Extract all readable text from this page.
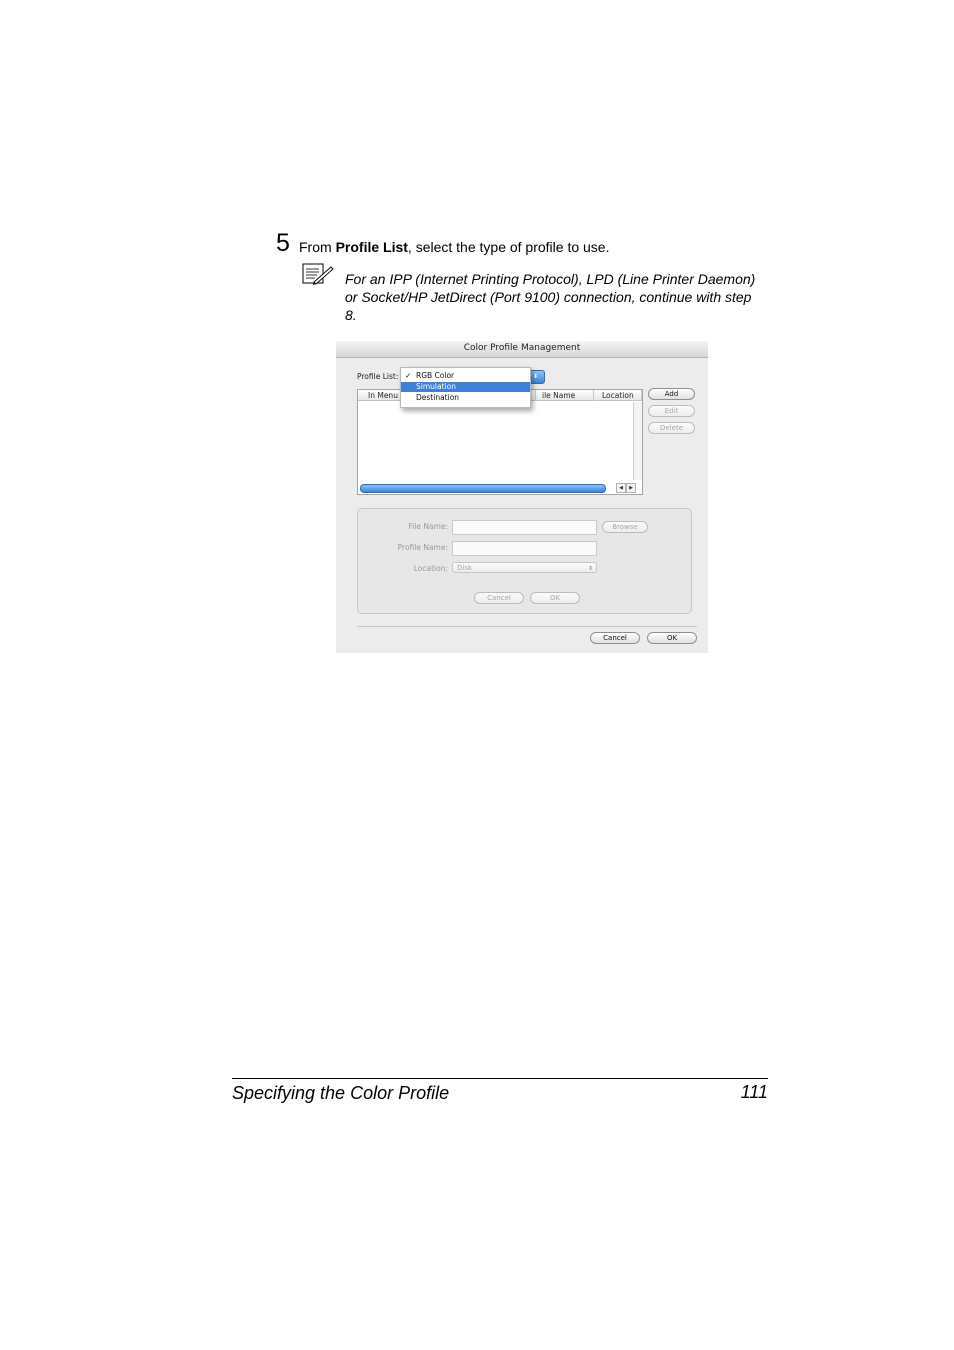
5 From Profile List, select the type of profile to use.
For an IPP (Internet Printing Protocol), LPD (Line Printer Daemon)
or Socket/HP JetDirect (Port 9100) connection, continue with step
8.
Color Profile Management
Profile List:
In Menu	ile Name	Location
◀	▶
Add
Edit
Delete
File Name:	Browse
Profile Name:
Location:	Disk	⬍
Cancel	OK
Cancel	OK
⬍
✓ RGB Color
Simulation
Destination
Specifying the Color Profile	111
